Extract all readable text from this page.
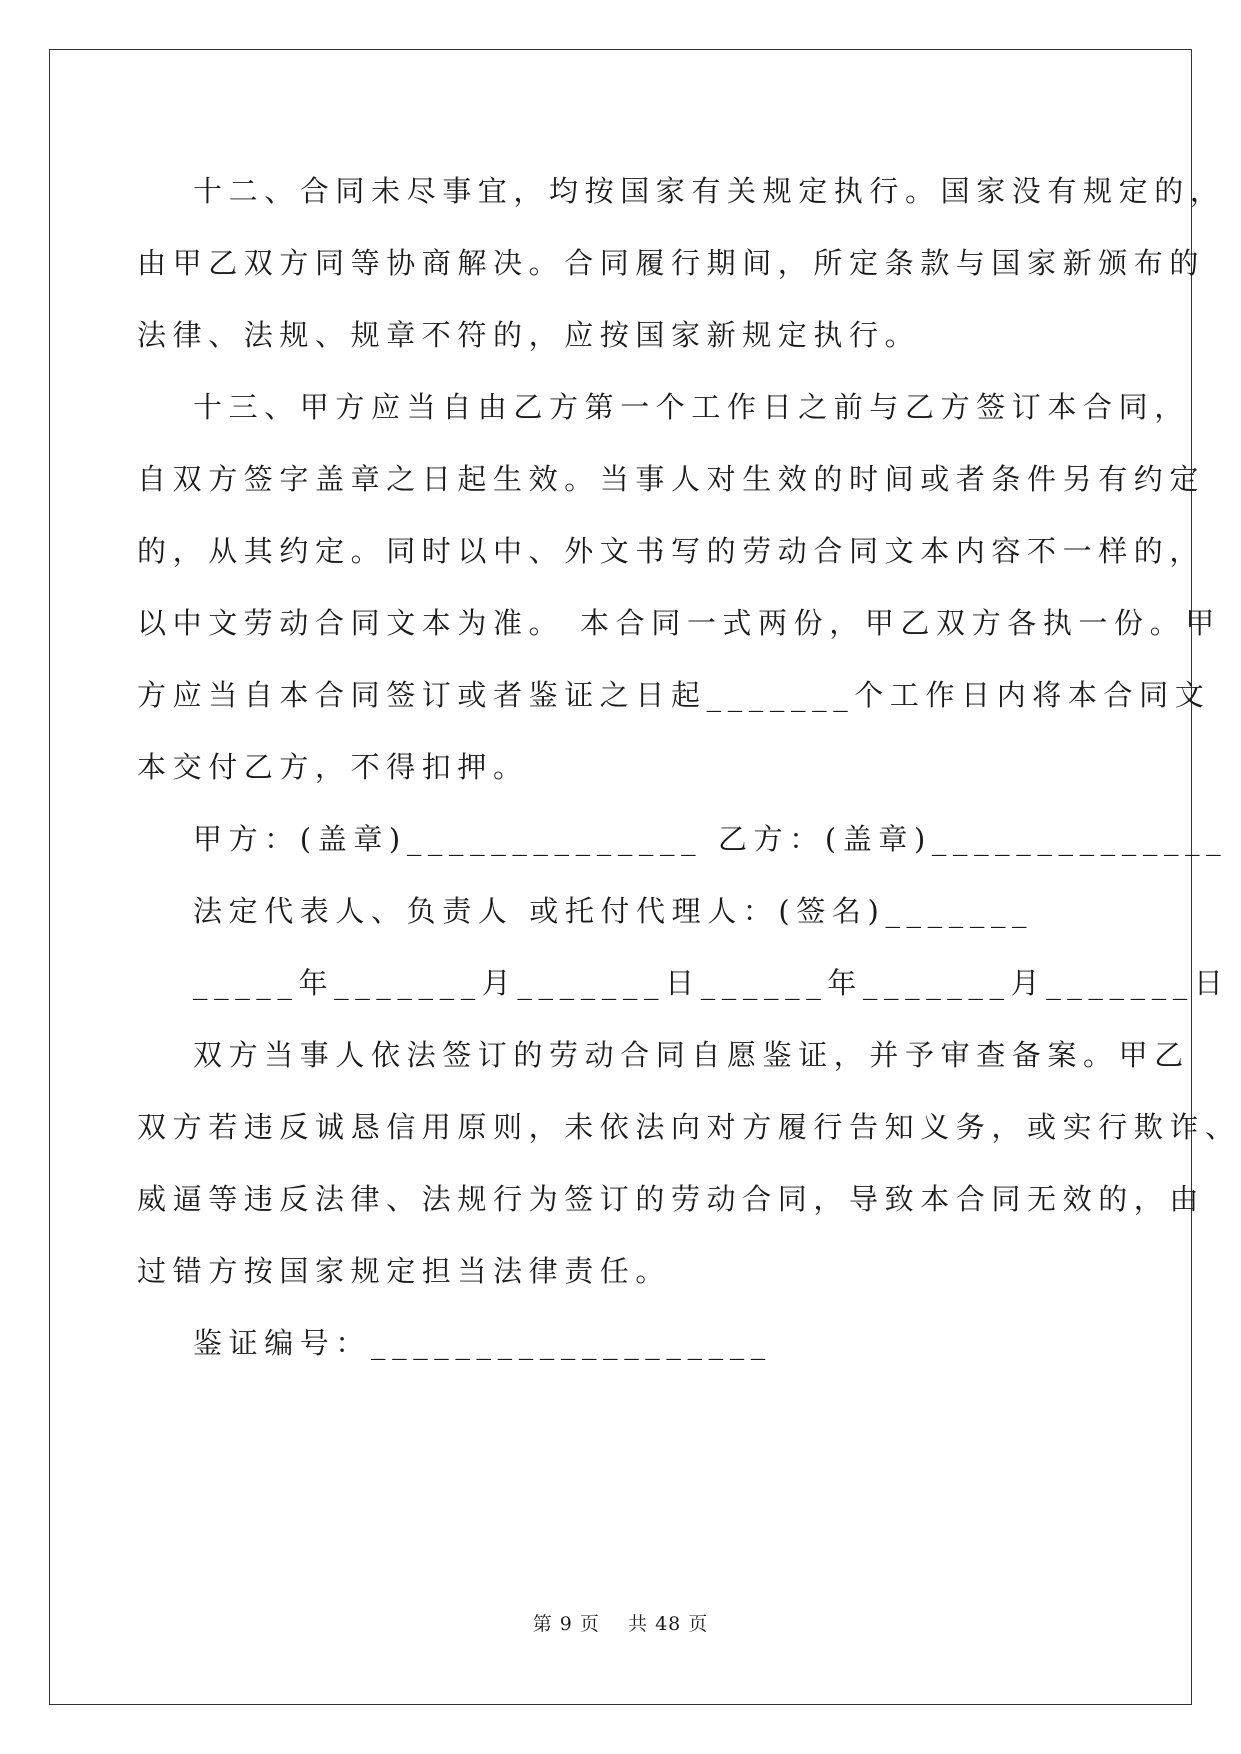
十二、合同未尽事宜，均按国家有关规定执行。国家没有规定的，
由甲乙双方同等协商解决。合同履行期间，所定条款与国家新颁布的
法律、法规、规章不符的，应按国家新规定执行。
十三、甲方应当自由乙方第一个工作日之前与乙方签订本合同，
自双方签字盖章之日起生效。当事人对生效的时间或者条件另有约定
的，从其约定。同时以中、外文书写的劳动合同文本内容不一样的，
以中文劳动合同文本为准。 本合同一式两份，甲乙双方各执一份。甲
方应当自本合同签订或者鉴证之日起_______个工作日内将本合同文
本交付乙方，不得扣押。
甲方：(盖章)______________ 乙方：(盖章)______________
法定代表人、负责人 或托付代理人：(签名)_______
_____年_______月_______日______年_______月_______日
双方当事人依法签订的劳动合同自愿鉴证，并予审查备案。甲乙
双方若违反诚恳信用原则，未依法向对方履行告知义务，或实行欺诈、
威逼等违反法律、法规行为签订的劳动合同，导致本合同无效的，由
过错方按国家规定担当法律责任。
鉴证编号：___________________
第 9 页    共 48 页
